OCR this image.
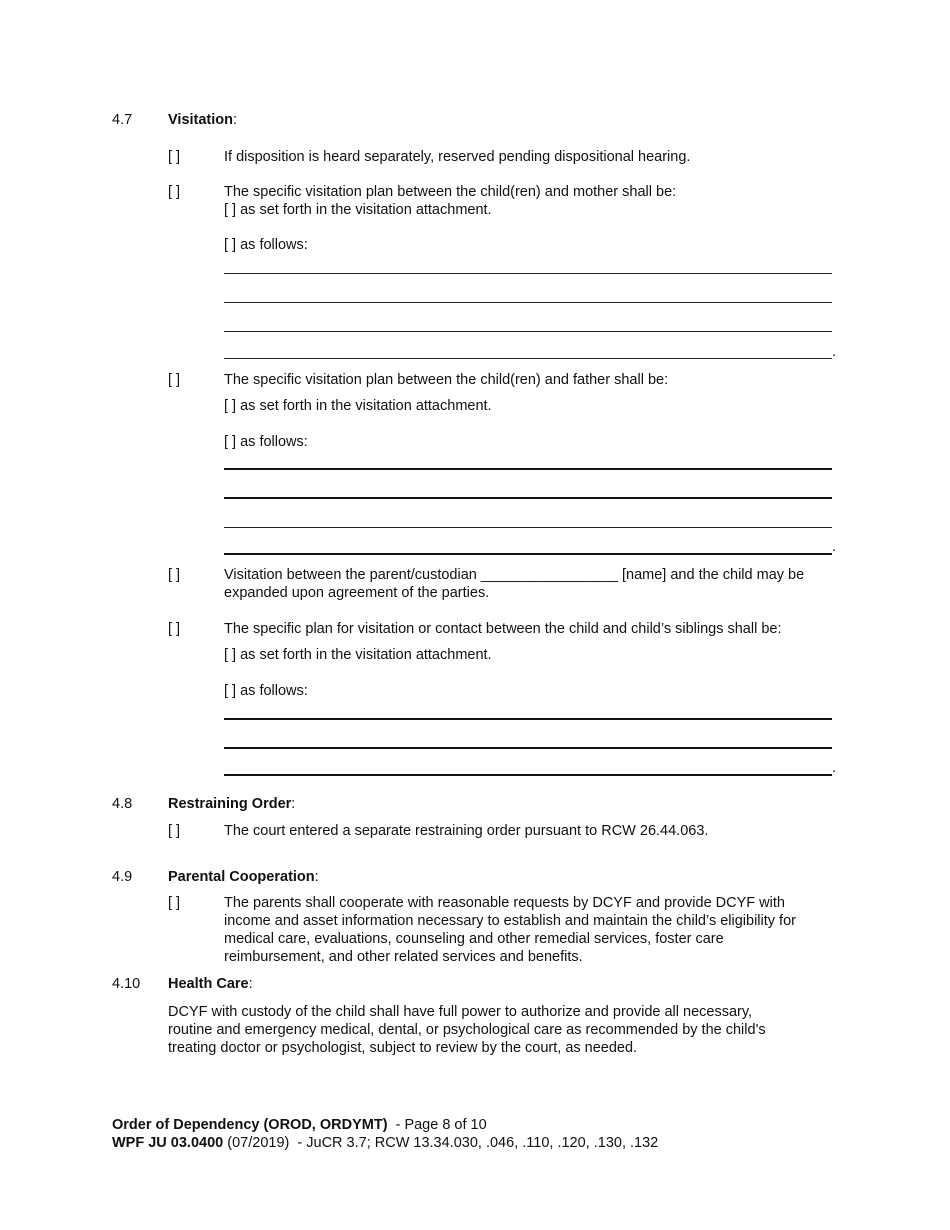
4.7 Visitation:
[ ]	If disposition is heard separately, reserved pending dispositional hearing.
[ ]	The specific visitation plan between the child(ren) and mother shall be:
[ ] as set forth in the visitation attachment.
[ ] as follows:
.
[ ]	The specific visitation plan between the child(ren) and father shall be:
[ ] as set forth in the visitation attachment.
[ ] as follows:
.
[ ]	Visitation between the parent/custodian _________________ [name] and the child may be
expanded upon agreement of the parties.
[ ]	The specific plan for visitation or contact between the child and child’s siblings shall be:
[ ] as set forth in the visitation attachment.
[ ] as follows:
.
4.8 Restraining Order:
[ ]	The court entered a separate restraining order pursuant to RCW 26.44.063.
4.9 Parental Cooperation:
[ ]	The parents shall cooperate with reasonable requests by DCYF and provide DCYF with
income and asset information necessary to establish and maintain the child’s eligibility for
medical care, evaluations, counseling and other remedial services, foster care
reimbursement, and other related services and benefits.
4.10 Health Care:
DCYF with custody of the child shall have full power to authorize and provide all necessary,
routine and emergency medical, dental, or psychological care as recommended by the child's
treating doctor or psychologist, subject to review by the court, as needed.
Order of Dependency (OROD, ORDYMT)  - Page 8 of 10
WPF JU 03.0400 (07/2019)  - JuCR 3.7; RCW 13.34.030, .046, .110, .120, .130, .132
